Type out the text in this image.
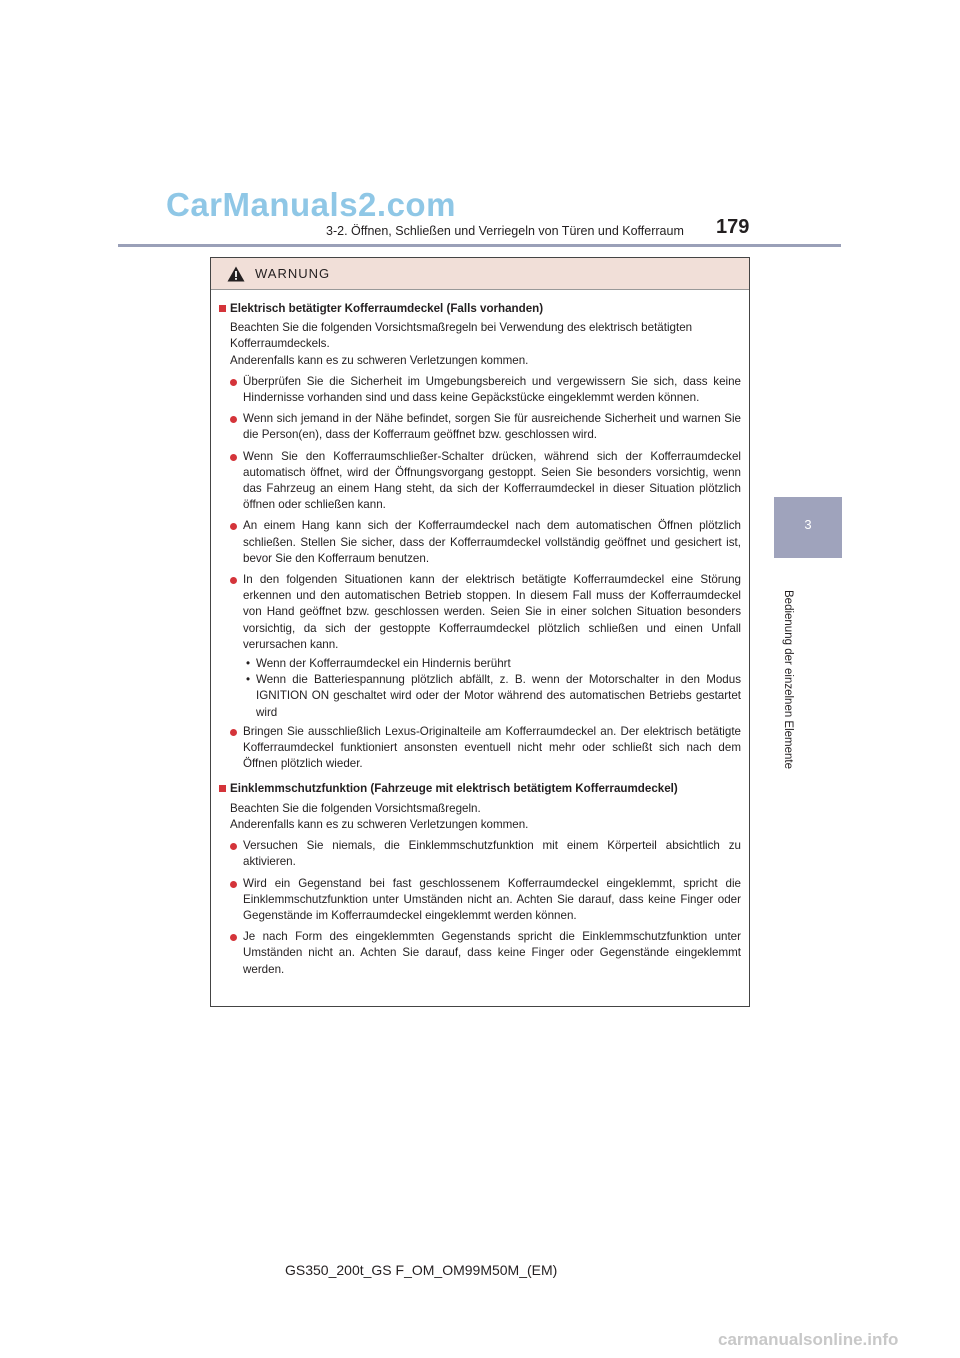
CarManuals2.com
3-2. Öffnen, Schließen und Verriegeln von Türen und Kofferraum 179
3
Bedienung der einzelnen Elemente
WARNUNG
Elektrisch betätigter Kofferraumdeckel (Falls vorhanden)
Beachten Sie die folgenden Vorsichtsmaßregeln bei Verwendung des elektrisch betätigten Kofferraumdeckels.
Anderenfalls kann es zu schweren Verletzungen kommen.
Überprüfen Sie die Sicherheit im Umgebungsbereich und vergewissern Sie sich, dass keine Hindernisse vorhanden sind und dass keine Gepäckstücke eingeklemmt werden können.
Wenn sich jemand in der Nähe befindet, sorgen Sie für ausreichende Sicherheit und warnen Sie die Person(en), dass der Kofferraum geöffnet bzw. geschlossen wird.
Wenn Sie den Kofferraumschließer-Schalter drücken, während sich der Kofferraumdeckel automatisch öffnet, wird der Öffnungsvorgang gestoppt. Seien Sie besonders vorsichtig, wenn das Fahrzeug an einem Hang steht, da sich der Kofferraumdeckel in dieser Situation plötzlich öffnen oder schließen kann.
An einem Hang kann sich der Kofferraumdeckel nach dem automatischen Öffnen plötzlich schließen. Stellen Sie sicher, dass der Kofferraumdeckel vollständig geöffnet und gesichert ist, bevor Sie den Kofferraum benutzen.
In den folgenden Situationen kann der elektrisch betätigte Kofferraumdeckel eine Störung erkennen und den automatischen Betrieb stoppen. In diesem Fall muss der Kofferraumdeckel von Hand geöffnet bzw. geschlossen werden. Seien Sie in einer solchen Situation besonders vorsichtig, da sich der gestoppte Kofferraumdeckel plötzlich schließen und einen Unfall verursachen kann.
• Wenn der Kofferraumdeckel ein Hindernis berührt
• Wenn die Batteriespannung plötzlich abfällt, z. B. wenn der Motorschalter in den Modus IGNITION ON geschaltet wird oder der Motor während des automatischen Betriebs gestartet wird
Bringen Sie ausschließlich Lexus-Originalteile am Kofferraumdeckel an. Der elektrisch betätigte Kofferraumdeckel funktioniert ansonsten eventuell nicht mehr oder schließt sich nach dem Öffnen plötzlich wieder.
Einklemmschutzfunktion (Fahrzeuge mit elektrisch betätigtem Kofferraumdeckel)
Beachten Sie die folgenden Vorsichtsmaßregeln.
Anderenfalls kann es zu schweren Verletzungen kommen.
Versuchen Sie niemals, die Einklemmschutzfunktion mit einem Körperteil absichtlich zu aktivieren.
Wird ein Gegenstand bei fast geschlossenem Kofferraumdeckel eingeklemmt, spricht die Einklemmschutzfunktion unter Umständen nicht an. Achten Sie darauf, dass keine Finger oder Gegenstände im Kofferraumdeckel eingeklemmt werden können.
Je nach Form des eingeklemmten Gegenstands spricht die Einklemmschutzfunktion unter Umständen nicht an. Achten Sie darauf, dass keine Finger oder Gegenstände eingeklemmt werden.
GS350_200t_GS F_OM_OM99M50M_(EM)
carmanualsonline.info
